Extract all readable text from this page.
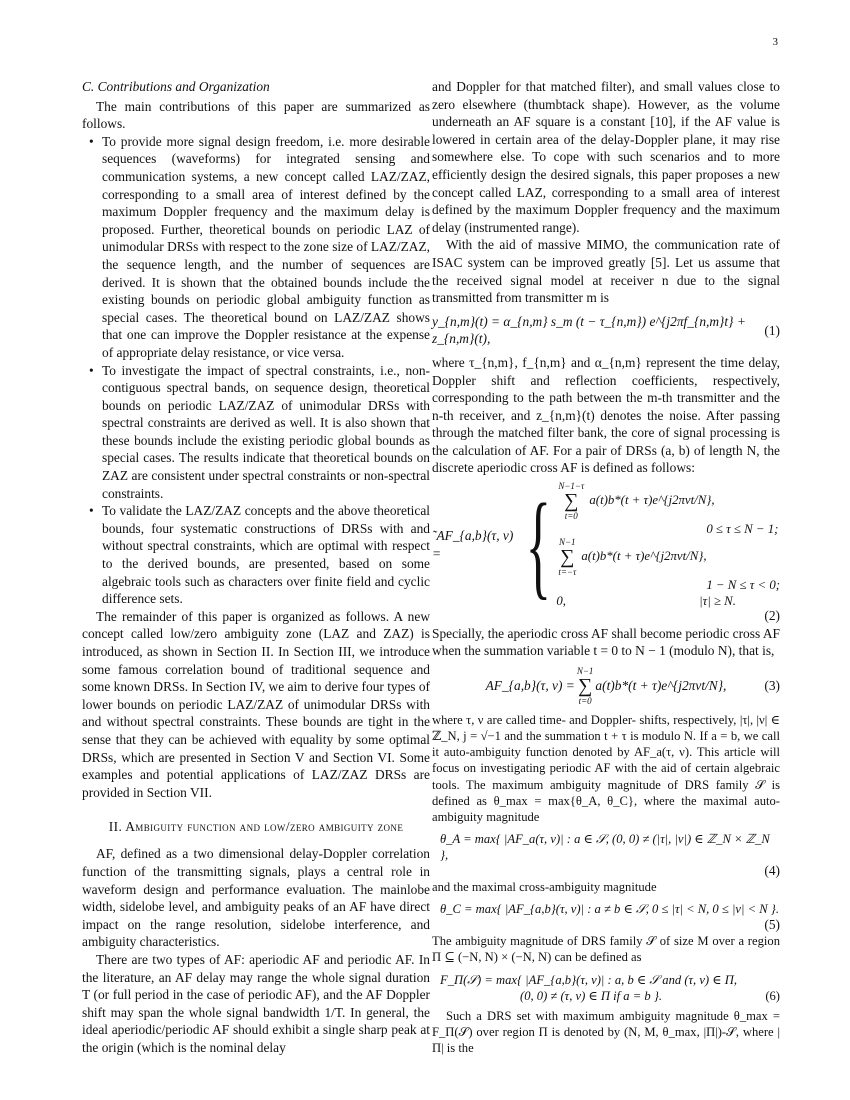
3
C. Contributions and Organization

The main contributions of this paper are summarized as follows.

• To provide more signal design freedom, i.e. more desirable sequences (waveforms) for integrated sensing and communication systems, a new concept called LAZ/ZAZ, corresponding to a small area of interest defined by the maximum Doppler frequency and the maximum delay is proposed. Further, theoretical bounds on periodic LAZ of unimodular DRSs with respect to the zone size of LAZ/ZAZ, the sequence length, and the number of sequences are derived. It is shown that the obtained bounds include the existing bounds on periodic global ambiguity function as special cases. The theoretical bound on LAZ/ZAZ shows that one can improve the Doppler resistance at the expense of appropriate delay resistance, or vice versa.
• To investigate the impact of spectral constraints, i.e., non-contiguous spectral bands, on sequence design, theoretical bounds on periodic LAZ/ZAZ of unimodular DRSs with spectral constraints are derived as well. It is also shown that these bounds include the existing periodic global bounds as special cases. The results indicate that theoretical bounds on ZAZ are consistent under spectral constraints or non-spectral constraints.
• To validate the LAZ/ZAZ concepts and the above theoretical bounds, four systematic constructions of DRSs with and without spectral constraints, which are optimal with respect to the derived bounds, are presented, based on some algebraic tools such as characters over finite field and cyclic difference sets.

The remainder of this paper is organized as follows. A new concept called low/zero ambiguity zone (LAZ and ZAZ) is introduced, as shown in Section II. In Section III, we introduce some famous correlation bound of traditional sequence and some known DRSs. In Section IV, we aim to derive four types of lower bounds on periodic LAZ/ZAZ of unimodular DRSs with and without spectral constraints. These bounds are tight in the sense that they can be achieved with equality by some optimal DRSs, which are presented in Section V and Section VI. Some examples and potential applications of LAZ/ZAZ DRSs are provided in Section VII.

II. Ambiguity function and low/zero ambiguity zone

AF, defined as a two dimensional delay-Doppler correlation function of the transmitting signals, plays a central role in waveform design and performance evaluation. The mainlobe width, sidelobe level, and ambiguity peaks of an AF have direct impact on the range resolution, sidelobe interference, and ambiguity characteristics.

There are two types of AF: aperiodic AF and periodic AF. In the literature, an AF delay may range the whole signal duration T (or full period in the case of periodic AF), and the AF Doppler shift may span the whole signal bandwidth 1/T. In general, the ideal aperiodic/periodic AF should exhibit a single sharp peak at the origin (which is the nominal delay

and Doppler for that matched filter), and small values close to zero elsewhere (thumbtack shape). However, as the volume underneath an AF square is a constant [10], if the AF value is lowered in certain area of the delay-Doppler plane, it may rise somewhere else. To cope with such scenarios and to more efficiently design the desired signals, this paper proposes a new concept called LAZ, corresponding to a small area of interest defined by the maximum Doppler frequency and the maximum delay (instrumented range).

With the aid of massive MIMO, the communication rate of ISAC system can be improved greatly [5]. Let us assume that the received signal model at receiver n due to the signal transmitted from transmitter m is

y_{n,m}(t) = α_{n,m} s_m (t − τ_{n,m}) e^{j2πf_{n,m}t} + z_{n,m}(t),
(1)

where τ_{n,m}, f_{n,m} and α_{n,m} represent the time delay, Doppler shift and reflection coefficients, respectively, corresponding to the path between the m-th transmitter and the n-th receiver, and z_{n,m}(t) denotes the noise. After passing through the matched filter bank, the core of signal processing is the calculation of AF. For a pair of DRSs (a, b) of length N, the discrete aperiodic cross AF is defined as follows:

˜AF_{a,b}(τ, ν) = { N−1−τ
∑
t=0
a(t)b*(t + τ)e^{j2πνt/N},
0 ≤ τ ≤ N − 1;
N−1
∑
t=−τ
a(t)b*(t + τ)e^{j2πνt/N},
1 − N ≤ τ < 0;
0,	|τ| ≥ N.
(2)

Specially, the aperiodic cross AF shall become periodic cross AF when the summation variable t = 0 to N − 1 (modulo N), that is,

AF_{a,b}(τ, ν) =
N−1
∑
t=0
a(t)b*(t + τ)e^{j2πνt/N},	(3)

where τ, ν are called time- and Doppler- shifts, respectively, |τ|, |ν| ∈ ℤ_N, j = √−1 and the summation t + τ is modulo N. If a = b, we call it auto-ambiguity function denoted by AF_a(τ, ν). This article will focus on investigating periodic AF with the aid of certain algebraic tools. The maximum ambiguity magnitude of DRS family 𝒮 is defined as θ_max = max{θ_A, θ_C}, where the maximal auto-ambiguity magnitude

θ_A = max{ |AF_a(τ, ν)| : a ∈ 𝒮, (0, 0) ≠ (|τ|, |ν|) ∈ ℤ_N × ℤ_N },
(4)

and the maximal cross-ambiguity magnitude

θ_C = max{ |AF_{a,b}(τ, ν)| : a ≠ b ∈ 𝒮, 0 ≤ |τ| < N, 0 ≤ |ν| < N }.
(5)

The ambiguity magnitude of DRS family 𝒮 of size M over a region Π ⊆ (−N, N) × (−N, N) can be defined as

F_Π(𝒮) = max{ |AF_{a,b}(τ, ν)| : a, b ∈ 𝒮 and (τ, ν) ∈ Π,
(0, 0) ≠ (τ, ν) ∈ Π if a = b }.	(6)

Such a DRS set with maximum ambiguity magnitude θ_max = F_Π(𝒮) over region Π is denoted by (N, M, θ_max, |Π|)-𝒮, where |Π| is the
